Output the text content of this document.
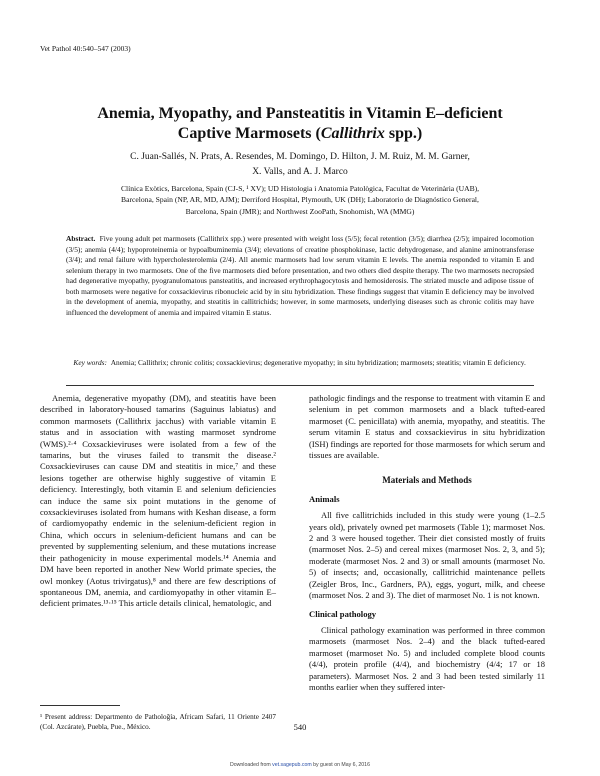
Vet Pathol 40:540–547 (2003)
Anemia, Myopathy, and Pansteatitis in Vitamin E–deficient
Captive Marmosets (Callithrix spp.)
C. Juan-Sallés, N. Prats, A. Resendes, M. Domingo, D. Hilton, J. M. Ruiz, M. M. Garner,
X. Valls, and A. J. Marco
Clínica Exòtics, Barcelona, Spain (CJ-S, ¹ XV); UD Histologia i Anatomia Patològica, Facultat de Veterinària (UAB),
Barcelona, Spain (NP, AR, MD, AJM); Derriford Hospital, Plymouth, UK (DH); Laboratorio de Diagnóstico General,
Barcelona, Spain (JMR); and Northwest ZooPath, Snohomish, WA (MMG)
Abstract. Five young adult pet marmosets (Callithrix spp.) were presented with weight loss (5/5); fecal retention (3/5); diarrhea (2/5); impaired locomotion (3/5); anemia (4/4); hypoproteinemia or hypoalbuminemia (3/4); elevations of creatine phosphokinase, lactic dehydrogenase, and alanine aminotransferase (3/4); and renal failure with hypercholesterolemia (2/4). All anemic marmosets had low serum vitamin E levels. The anemia responded to vitamin E and selenium therapy in two marmosets. One of the five marmosets died before presentation, and two others died despite therapy. The two marmosets necropsied had degenerative myopathy, pyogranulomatous pansteatitis, and increased erythrophagocytosis and hemosiderosis. The striated muscle and adipose tissue of both marmosets were negative for coxsackievirus ribonucleic acid by in situ hybridization. These findings suggest that vitamin E deficiency may be involved in the development of anemia, myopathy, and steatitis in callitrichids; however, in some marmosets, underlying diseases such as chronic colitis may have influenced the development of anemia and impaired vitamin E status.
Key words: Anemia; Callithrix; chronic colitis; coxsackievirus; degenerative myopathy; in situ hybridization; marmosets; steatitis; vitamin E deficiency.

Anemia, degenerative myopathy (DM), and steatitis have been described in laboratory-housed tamarins (Saguinus labiatus) and common marmosets (Callithrix jacchus) with variable vitamin E status and in association with wasting marmoset syndrome (WMS).²·⁴ Coxsackieviruses were isolated from a few of the tamarins, but the viruses failed to transmit the disease.² Coxsackieviruses can cause DM and steatitis in mice,⁷ and these lesions together are otherwise highly suggestive of vitamin E deficiency. Interestingly, both vitamin E and selenium deficiencies can induce the same six point mutations in the genome of coxsackieviruses isolated from humans with Keshan disease, a form of cardiomyopathy endemic in the selenium-deficient region in China, which occurs in selenium-deficient humans and can be prevented by supplementing selenium, and these mutations increase their pathogenicity in mouse experimental models.¹⁴ Anemia and DM have been reported in another New World primate species, the owl monkey (Aotus trivirgatus),⁸ and there are few descriptions of spontaneous DM, anemia, and cardiomyopathy in other vitamin E–deficient primates.¹³·¹⁵ This article details clinical, hematologic, and

pathologic findings and the response to treatment with vitamin E and selenium in pet common marmosets and a black tufted-eared marmoset (C. penicillata) with anemia, myopathy, and steatitis. The serum vitamin E status and coxsackievirus in situ hybridization (ISH) findings are reported for those marmosets for which serum and tissues are available.

Materials and Methods
Animals

All five callitrichids included in this study were young (1–2.5 years old), privately owned pet marmosets (Table 1); marmoset Nos. 2 and 3 were housed together. Their diet consisted mostly of fruits (marmoset Nos. 2–5) and cereal mixes (marmoset Nos. 2, 3, and 5); moderate (marmoset Nos. 2 and 3) or small amounts (marmoset No. 5) of insects; and, occasionally, callitrichid maintenance pellets (Zeigler Bros, Inc., Gardners, PA), eggs, yogurt, milk, and cheese (marmoset Nos. 2 and 3). The diet of marmoset No. 1 is not known.

Clinical pathology

Clinical pathology examination was performed in three common marmosets (marmoset Nos. 2–4) and the black tufted-eared marmoset (marmoset No. 5) and included complete blood counts (4/4), protein profile (4/4), and biochemistry (4/4; 17 or 18 parameters). Marmoset Nos. 2 and 3 had been tested similarly 11 months earlier when they suffered inter-

¹ Present address: Departmento de Patholoğía, Africam Safari, 11 Oriente 2407 (Col. Azcárate), Puebla, Pue., México.	540
Downloaded from vet.sagepub.com by guest on May 6, 2016
